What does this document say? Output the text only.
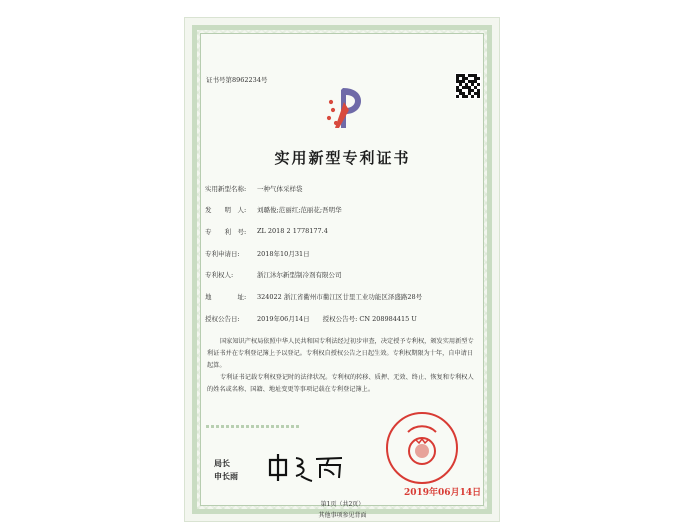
证书号第8962234号
实用新型专利证书
实用新型名称:	一种气体采样袋
发　　明　人:	刘璐俊;范丽红;范丽花;吾明华
专　　利　号:	ZL 2018 2 1778177.4
专利申请日:	2018年10月31日
专利权人:	浙江沐尔新型制冷剂有限公司
地　　　　址:	324022 浙江省衢州市衢江区廿里工业功能区泽盛路28号
授权公告日:	2019年06月14日　　授权公告号: CN 208984415 U
国家知识产权局依照中华人民共和国专利法经过初步审查，决定授予专利权，颁发实用新型专利证书并在专利登记簿上予以登记。专利权自授权公告之日起生效。专利权期限为十年，自申请日起算。
专利证书记载专利权登记时的法律状况。专利权的转移、质押、无效、终止、恢复和专利权人的姓名或名称、国籍、地址变更等事项记载在专利登记簿上。
局长
申长雨
2019年06月14日
第1页（共2页）
其他事项参见背面
